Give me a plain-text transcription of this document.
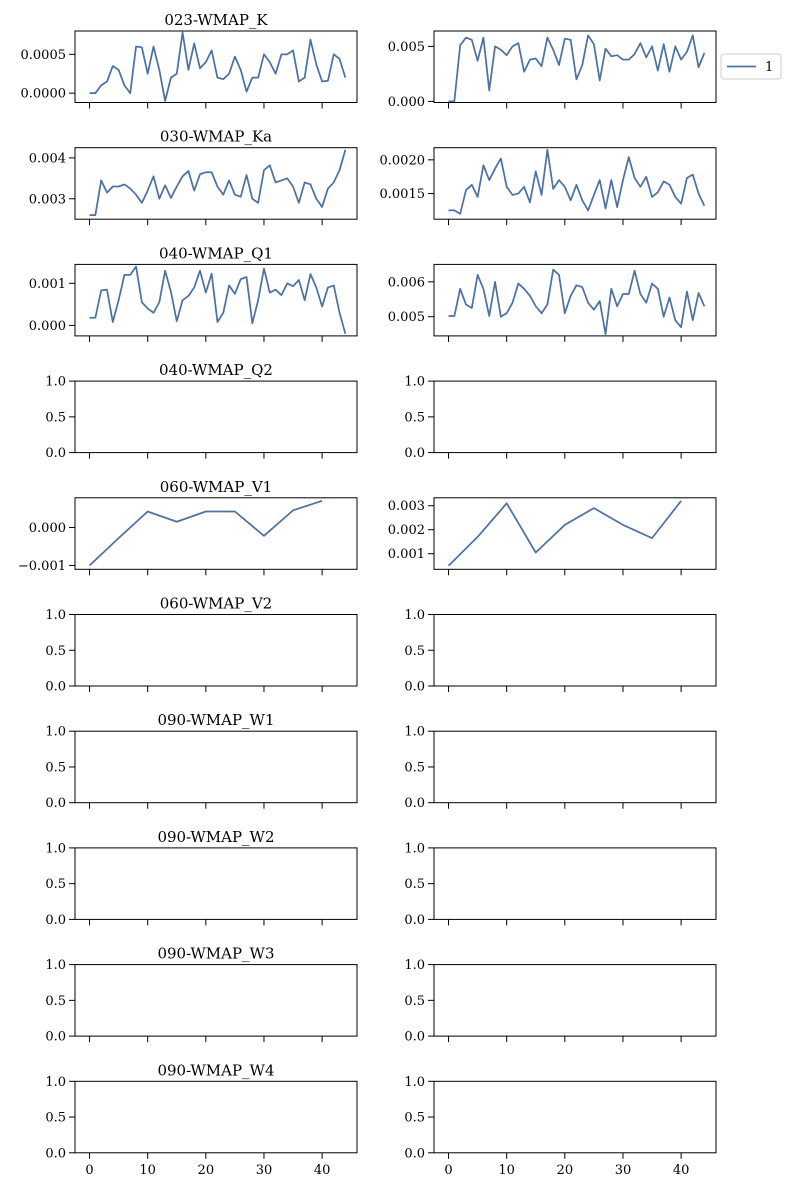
023-WMAP_K
0.0000
0.0005
0.000
0.005
030-WMAP_Ka
0.003
0.004
0.0015
0.0020
040-WMAP_Q1
0.000
0.001
0.005
0.006
040-WMAP_Q2
0.0
0.5
1.0
0.0
0.5
1.0
060-WMAP_V1
−0.001
0.000
0.001
0.002
0.003
060-WMAP_V2
0.0
0.5
1.0
0.0
0.5
1.0
090-WMAP_W1
0.0
0.5
1.0
0.0
0.5
1.0
090-WMAP_W2
0.0
0.5
1.0
0.0
0.5
1.0
090-WMAP_W3
0.0
0.5
1.0
0.0
0.5
1.0
090-WMAP_W4
0.0
0.5
1.0
0	10	20	30	40
0.0
0.5
1.0
0	10	20	30	40
1
